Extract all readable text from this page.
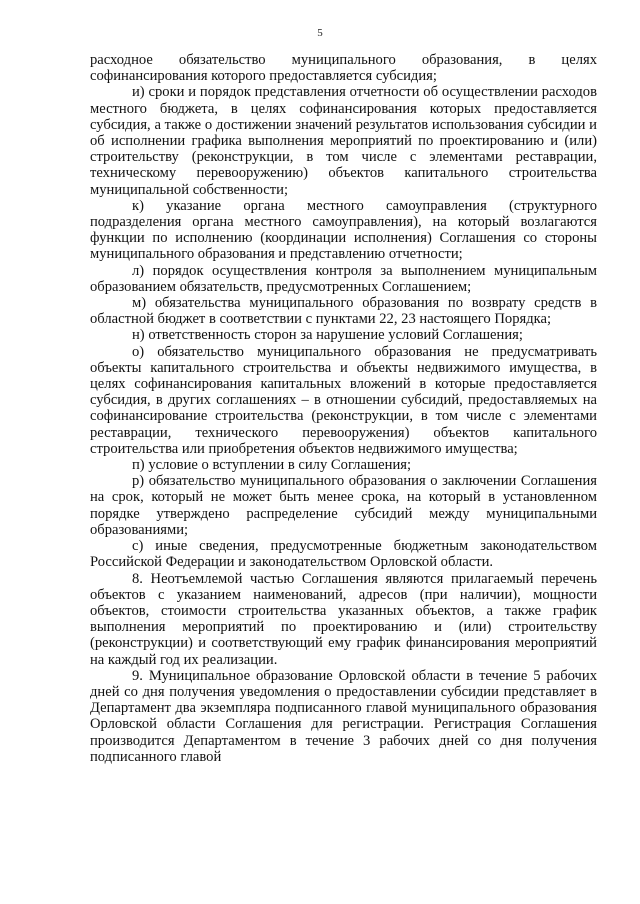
5

расходное обязательство муниципального образования, в целях софинансирования которого предоставляется субсидия;

и) сроки и порядок представления отчетности об осуществлении расходов местного бюджета, в целях софинансирования которых предоставляется субсидия, а также о достижении значений результатов использования субсидии и об исполнении графика выполнения мероприятий по проектированию и (или) строительству (реконструкции, в том числе с элементами реставрации, техническому перевооружению) объектов капитального строительства муниципальной собственности;

к) указание органа местного самоуправления (структурного подразделения органа местного самоуправления), на который возлагаются функции по исполнению (координации исполнения) Соглашения со стороны муниципального образования и представлению отчетности;

л) порядок осуществления контроля за выполнением муниципальным образованием обязательств, предусмотренных Соглашением;

м) обязательства муниципального образования по возврату средств в областной бюджет в соответствии с пунктами 22, 23 настоящего Порядка;

н) ответственность сторон за нарушение условий Соглашения;

о) обязательство муниципального образования не предусматривать объекты капитального строительства и объекты недвижимого имущества, в целях софинансирования капитальных вложений в которые предоставляется субсидия, в других соглашениях – в отношении субсидий, предоставляемых на софинансирование строительства (реконструкции, в том числе с элементами реставрации, технического перевооружения) объектов капитального строительства или приобретения объектов недвижимого имущества;

п) условие о вступлении в силу Соглашения;

р) обязательство муниципального образования о заключении Соглашения на срок, который не может быть менее срока, на который в установленном порядке утверждено распределение субсидий между муниципальными образованиями;

с) иные сведения, предусмотренные бюджетным законодательством Российской Федерации и законодательством Орловской области.

8. Неотъемлемой частью Соглашения являются прилагаемый перечень объектов с указанием наименований, адресов (при наличии), мощности объектов, стоимости строительства указанных объектов, а также график выполнения мероприятий по проектированию и (или) строительству (реконструкции) и соответствующий ему график финансирования мероприятий на каждый год их реализации.

9. Муниципальное образование Орловской области в течение 5 рабочих дней со дня получения уведомления о предоставлении субсидии представляет в Департамент два экземпляра подписанного главой муниципального образования Орловской области Соглашения для регистрации. Регистрация Соглашения производится Департаментом в течение 3 рабочих дней со дня получения подписанного главой
